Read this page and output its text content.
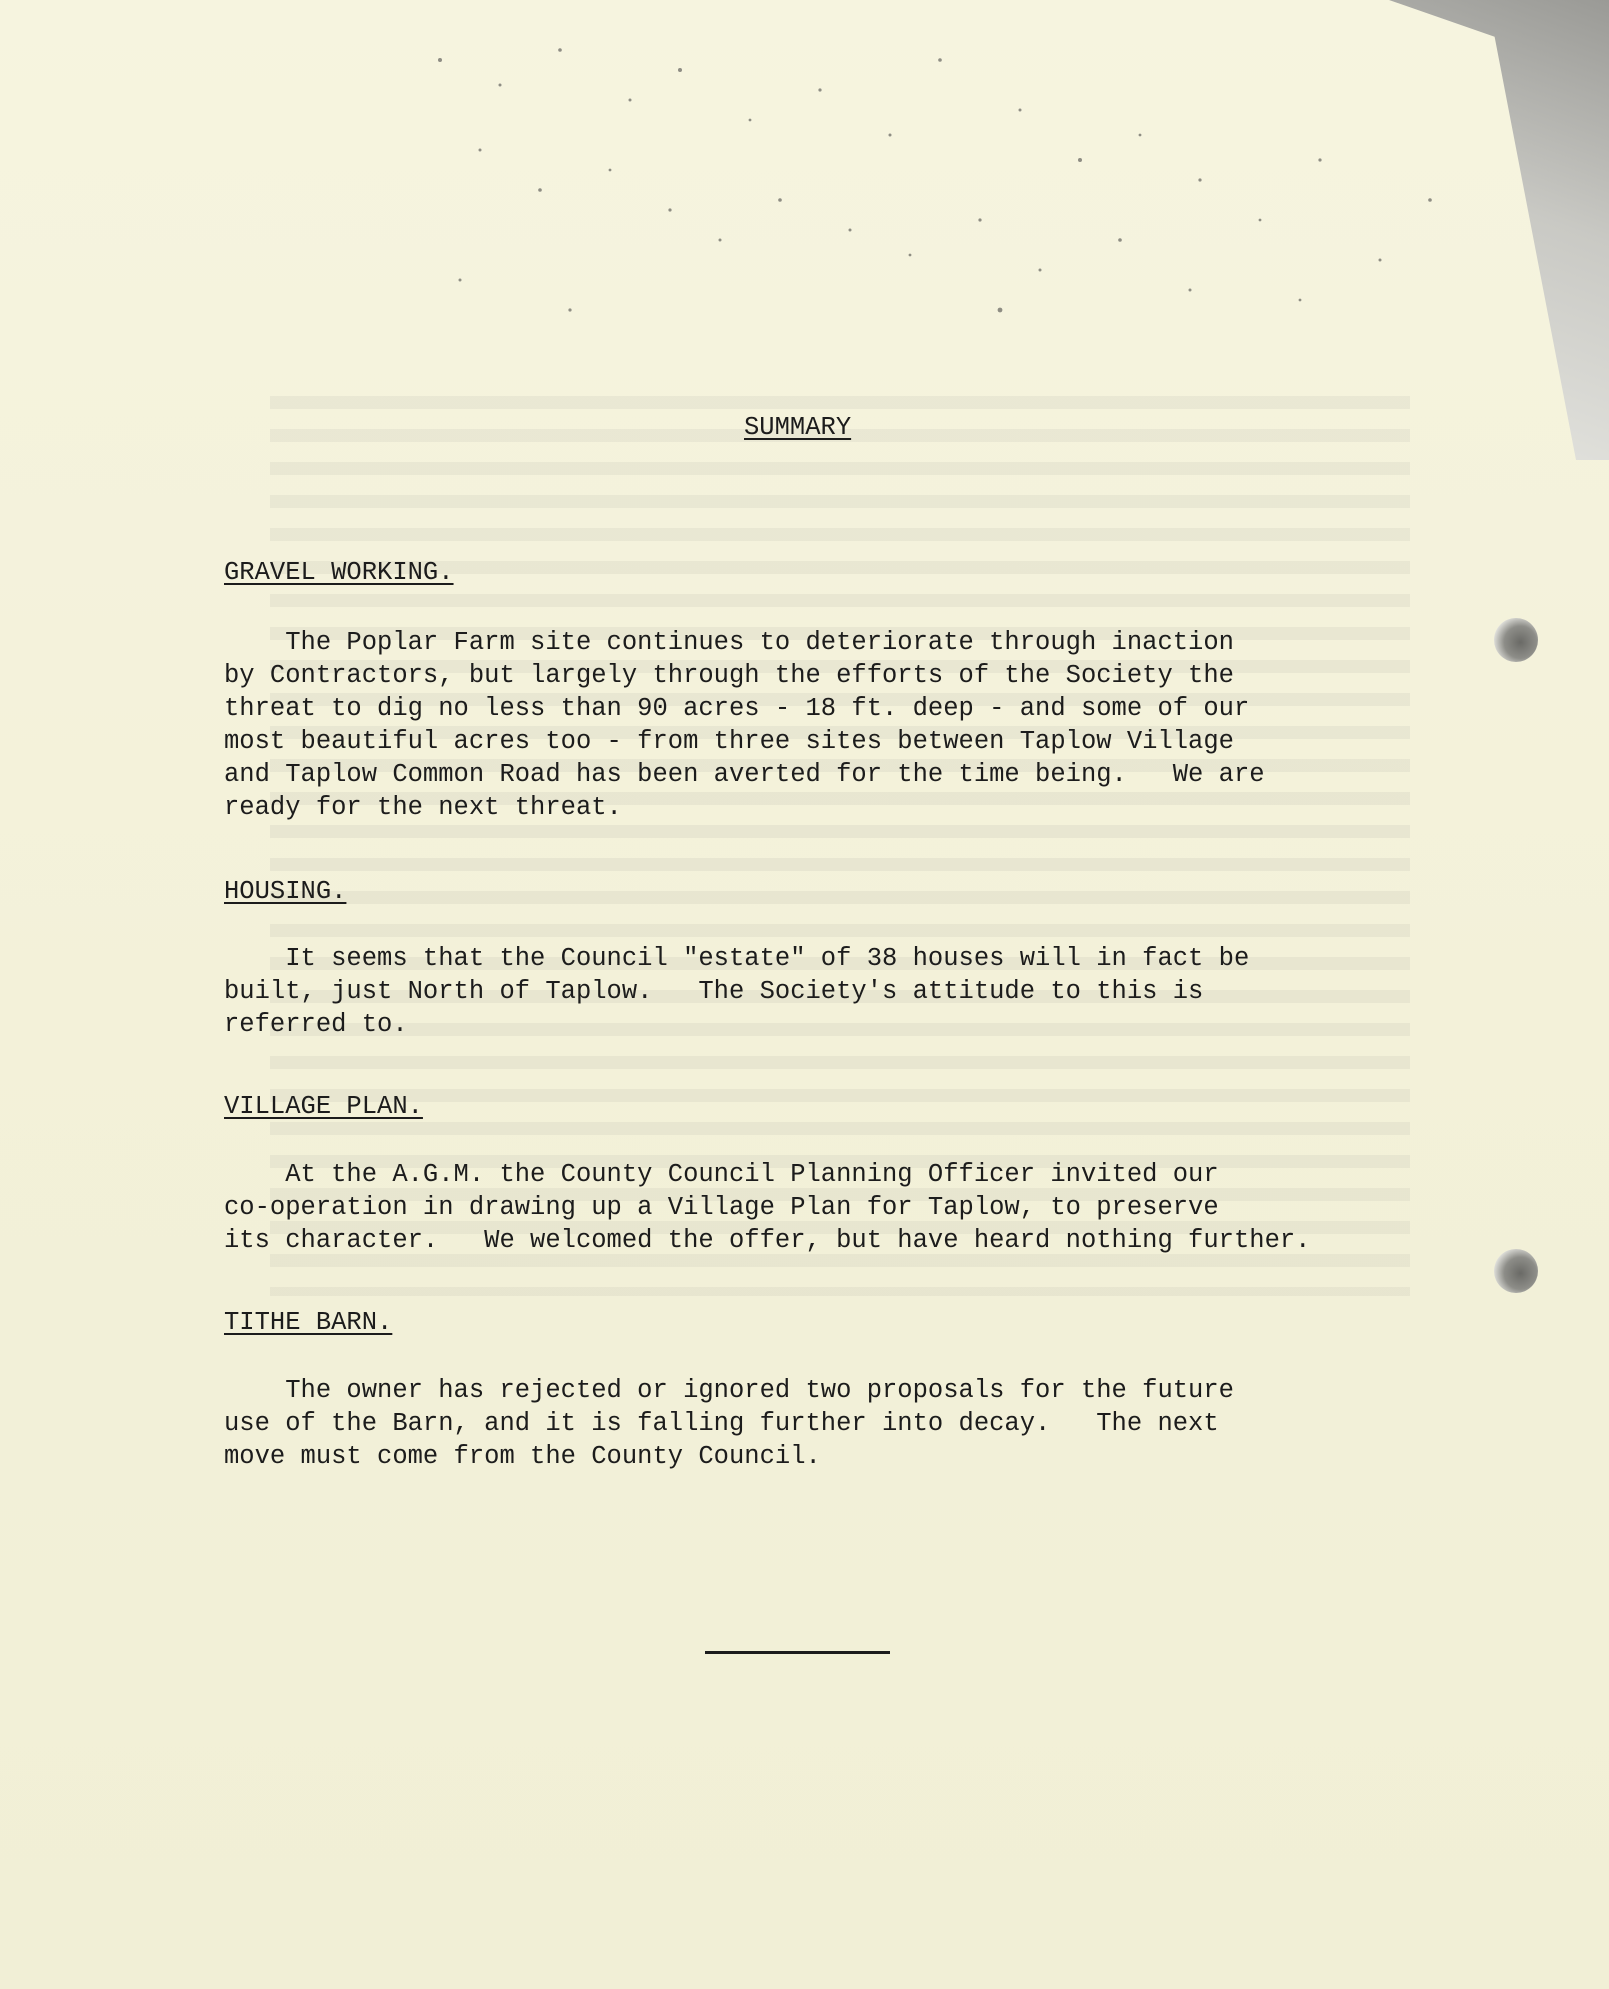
SUMMARY
GRAVEL WORKING.
The Poplar Farm site continues to deteriorate through inaction
by Contractors, but largely through the efforts of the Society the
threat to dig no less than 90 acres - 18 ft. deep - and some of our
most beautiful acres too - from three sites between Taplow Village
and Taplow Common Road has been averted for the time being.   We are
ready for the next threat.
HOUSING.
It seems that the Council "estate" of 38 houses will in fact be
built, just North of Taplow.   The Society's attitude to this is
referred to.
VILLAGE PLAN.
At the A.G.M. the County Council Planning Officer invited our
co-operation in drawing up a Village Plan for Taplow, to preserve
its character.   We welcomed the offer, but have heard nothing further.
TITHE BARN.
The owner has rejected or ignored two proposals for the future
use of the Barn, and it is falling further into decay.   The next
move must come from the County Council.
